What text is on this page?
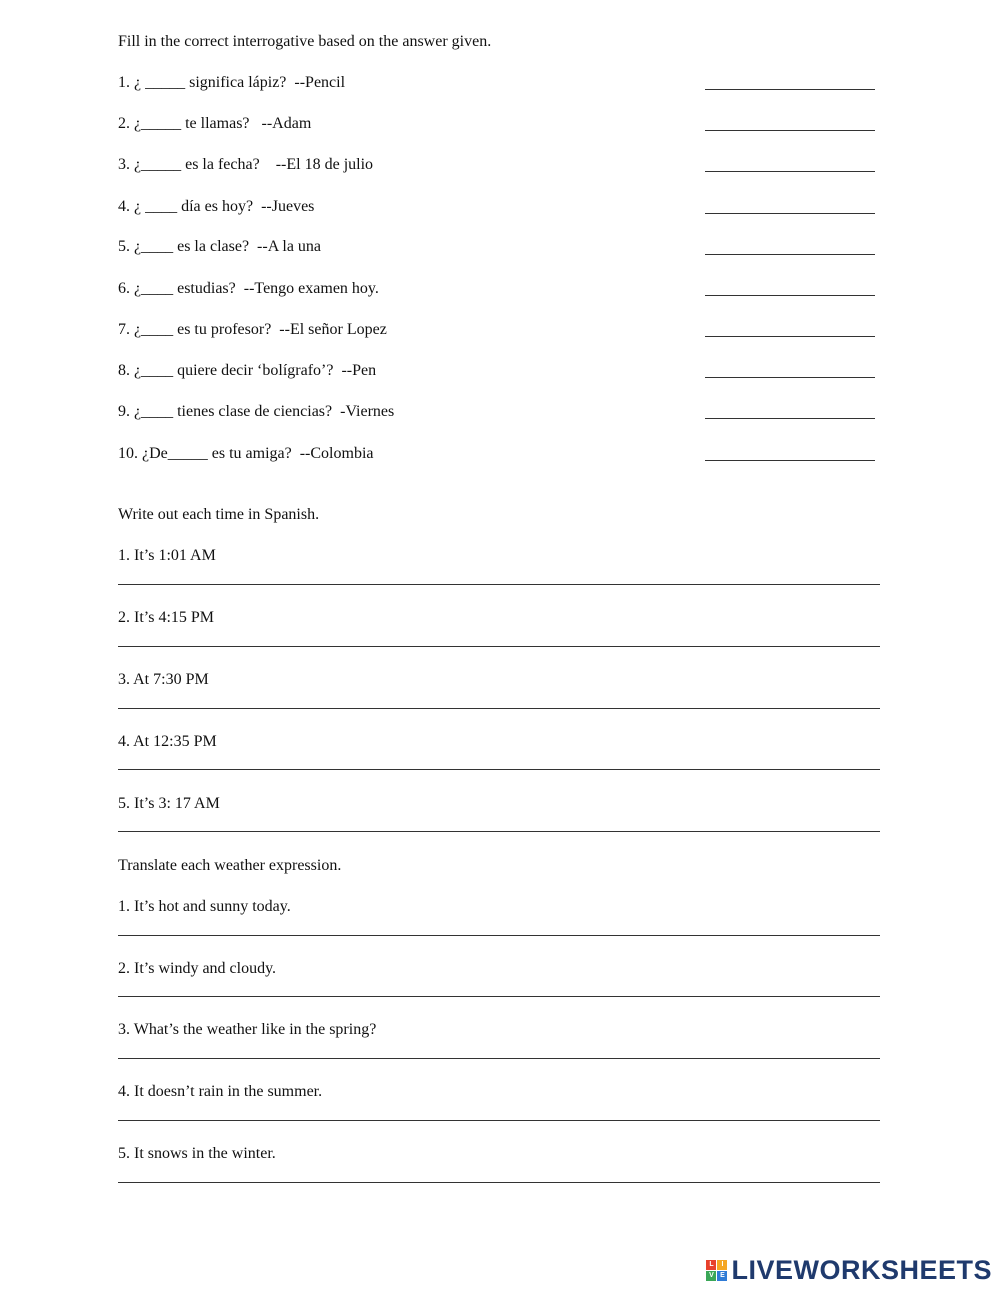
Fill in the correct interrogative based on the answer given.
1. ¿ _____ significa lápiz?  --Pencil
2. ¿_____ te llamas?   --Adam
3. ¿_____ es la fecha?    --El 18 de julio
4. ¿ ____ día es hoy?  --Jueves
5. ¿____ es la clase?  --A la una
6. ¿____ estudias?  --Tengo examen hoy.
7. ¿____ es tu profesor?  --El señor Lopez
8. ¿____ quiere decir ‘bolígrafo’?  --Pen
9. ¿____ tienes clase de ciencias?  -Viernes
10. ¿De_____ es tu amiga?  --Colombia
Write out each time in Spanish.
1. It’s 1:01 AM
2. It’s 4:15 PM
3. At 7:30 PM
4. At 12:35 PM
5. It’s 3: 17 AM
Translate each weather expression.
1. It’s hot and sunny today.
2. It’s windy and cloudy.
3. What’s the weather like in the spring?
4. It doesn’t rain in the summer.
5. It snows in the winter.
L	I
V E LIVEWORKSHEETS
